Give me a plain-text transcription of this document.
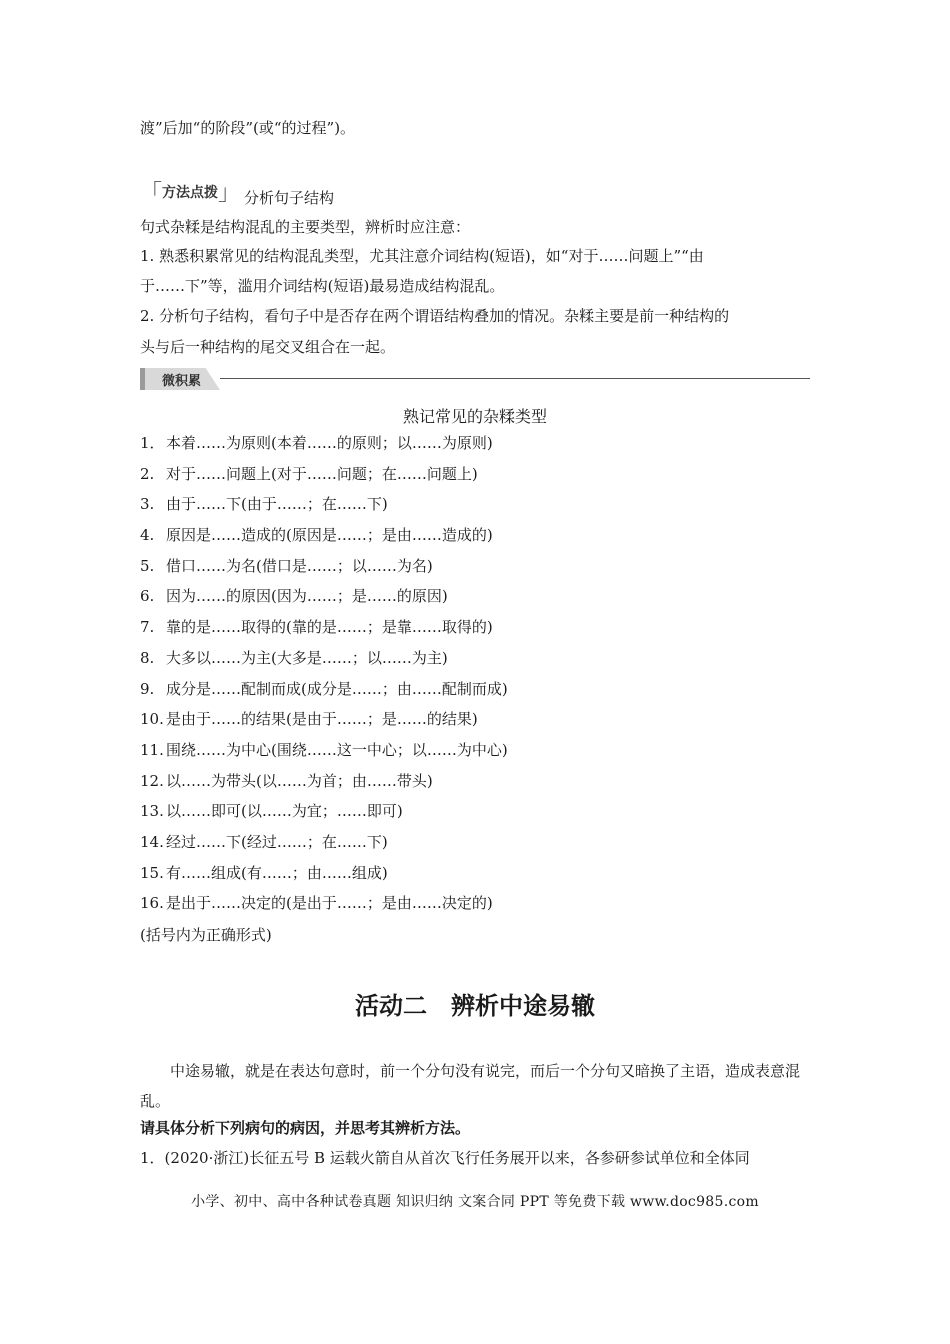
渡”后加“的阶段”(或“的过程”)。
「方法点拨」 分析句子结构
句式杂糅是结构混乱的主要类型，辨析时应注意：
1. 熟悉积累常见的结构混乱类型，尤其注意介词结构(短语)，如“对于……问题上”“由
于……下”等，滥用介词结构(短语)最易造成结构混乱。
2. 分析句子结构，看句子中是否存在两个谓语结构叠加的情况。杂糅主要是前一种结构的
头与后一种结构的尾交叉组合在一起。
微积累
熟记常见的杂糅类型
1．本着……为原则(本着……的原则；以……为原则)
2. 对于……问题上(对于……问题；在……问题上)
3. 由于……下(由于……；在……下)
4. 原因是……造成的(原因是……；是由……造成的)
5. 借口……为名(借口是……；以……为名)
6. 因为……的原因(因为……；是……的原因)
7. 靠的是……取得的(靠的是……；是靠……取得的)
8. 大多以……为主(大多是……；以……为主)
9. 成分是……配制而成(成分是……；由……配制而成)
10. 是由于……的结果(是由于……；是……的结果)
11. 围绕……为中心(围绕……这一中心；以……为中心)
12. 以……为带头(以……为首；由……带头)
13. 以……即可(以……为宜；……即可)
14. 经过……下(经过……；在……下)
15. 有……组成(有……；由……组成)
16. 是出于……决定的(是出于……；是由……决定的)
(括号内为正确形式)
活动二　辨析中途易辙
中途易辙，就是在表达句意时，前一个分句没有说完，而后一个分句又暗换了主语，造成表意混乱。
请具体分析下列病句的病因，并思考其辨析方法。
1．(2020·浙江)长征五号 B 运载火箭自从首次飞行任务展开以来，各参研参试单位和全体同
小学、初中、高中各种试卷真题 知识归纳 文案合同 PPT 等免费下载 www.doc985.com
